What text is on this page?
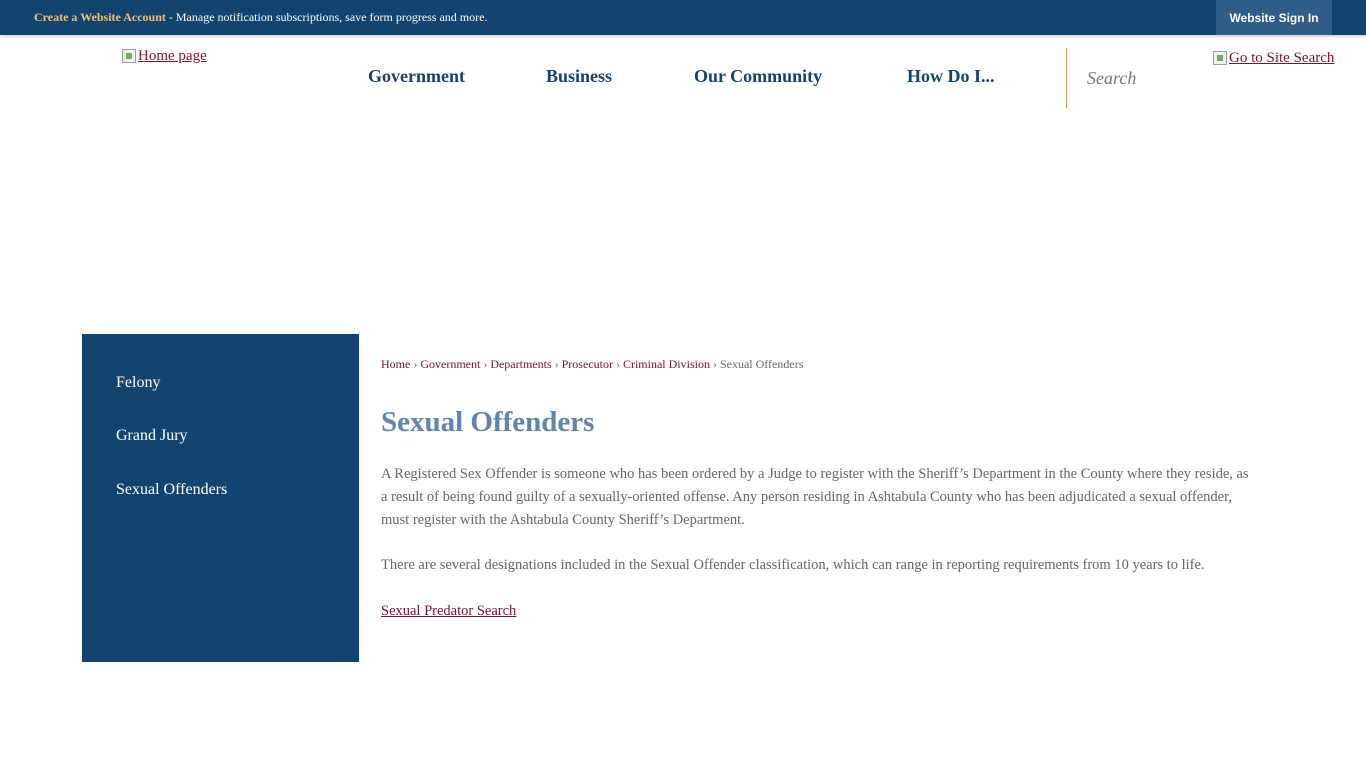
Create a Website Account - Manage notification subscriptions, save form progress and more.	Website Sign In
Home page
Government	Business	Our Community	How Do I...
Search
Go to Site Search
Felony
Grand Jury
Sexual Offenders
Home › Government › Departments › Prosecutor › Criminal Division › Sexual Offenders
Sexual Offenders

A Registered Sex Offender is someone who has been ordered by a Judge to register with the Sheriff’s Department in the County where they reside, as a result of being found guilty of a sexually-oriented offense. Any person residing in Ashtabula County who has been adjudicated a sexual offender, must register with the Ashtabula County Sheriff’s Department.

There are several designations included in the Sexual Offender classification, which can range in reporting requirements from 10 years to life.

Sexual Predator Search
